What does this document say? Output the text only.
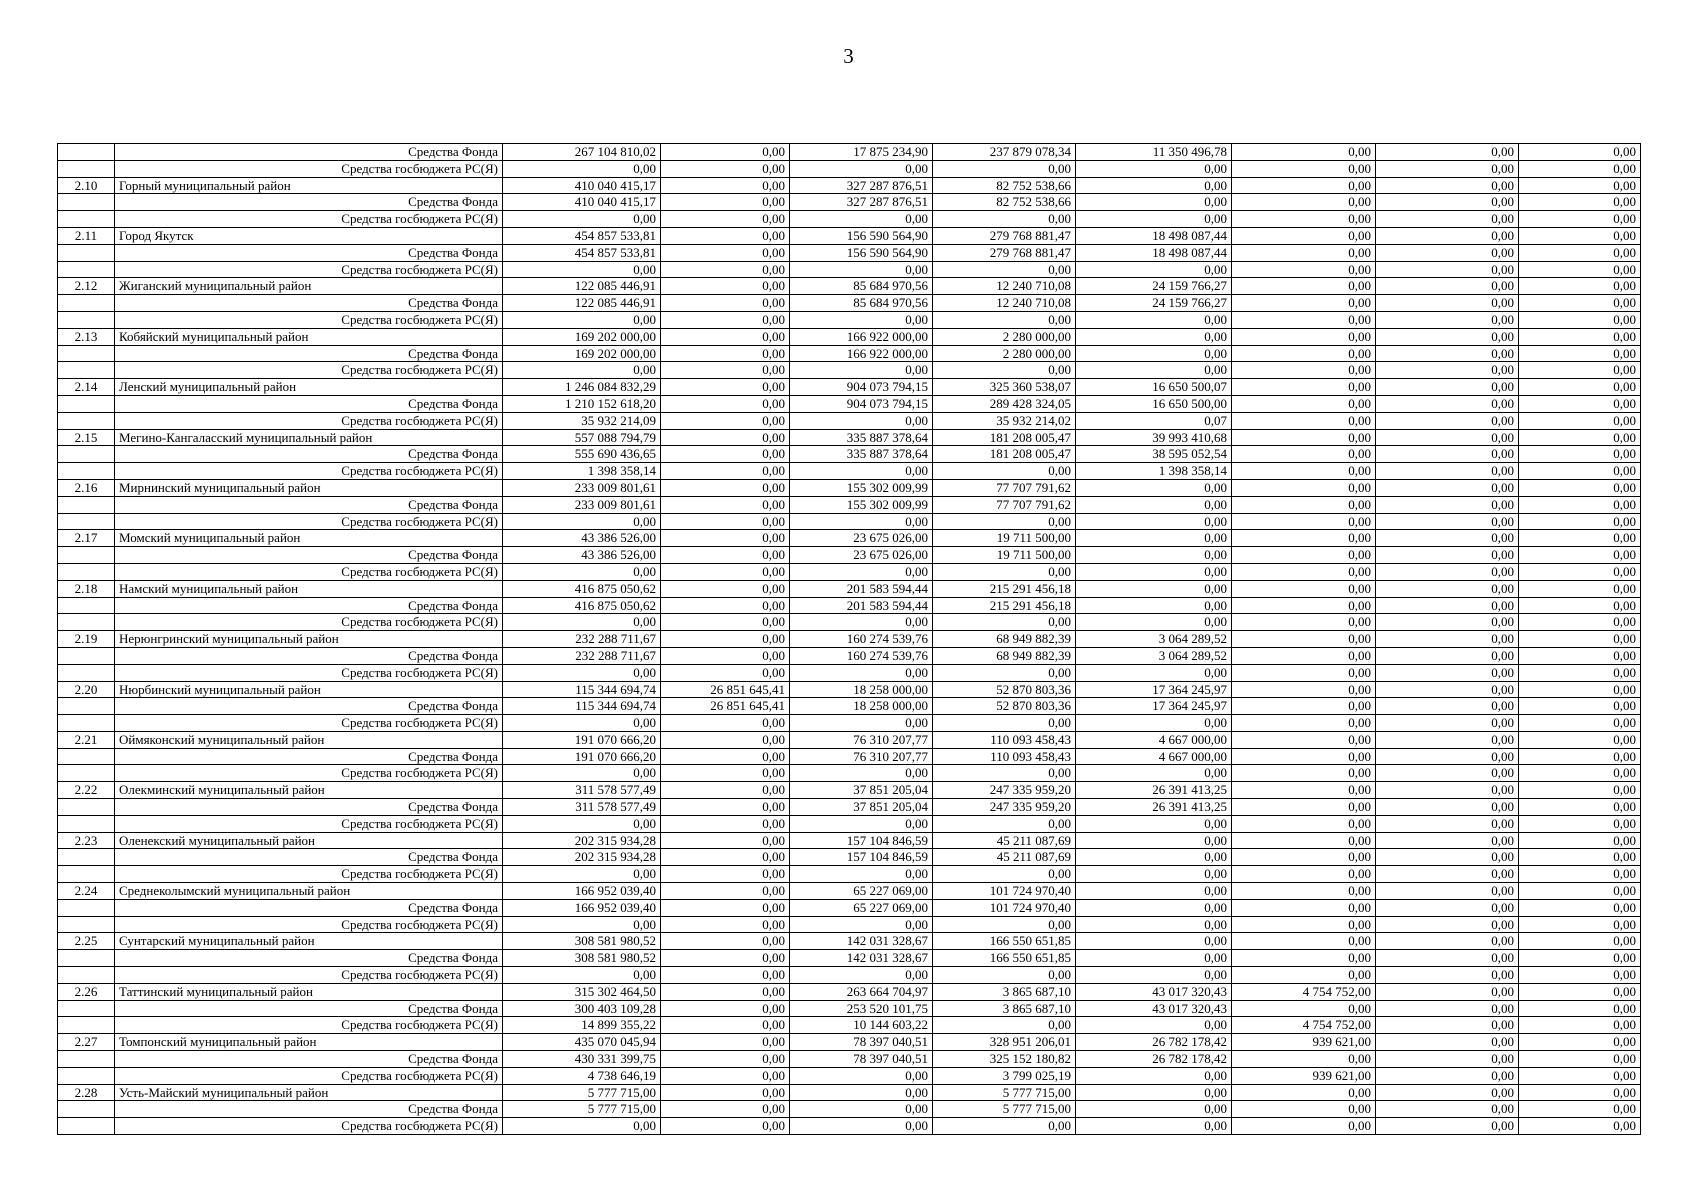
3
	Средства Фонда	267 104 810,02	0,00	17 875 234,90	237 879 078,34	11 350 496,78	0,00	0,00	0,00
	Средства госбюджета РС(Я)	0,00	0,00	0,00	0,00	0,00	0,00	0,00	0,00
2.10	Горный муниципальный район	410 040 415,17	0,00	327 287 876,51	82 752 538,66	0,00	0,00	0,00	0,00
	Средства Фонда	410 040 415,17	0,00	327 287 876,51	82 752 538,66	0,00	0,00	0,00	0,00
	Средства госбюджета РС(Я)	0,00	0,00	0,00	0,00	0,00	0,00	0,00	0,00
2.11	Город Якутск	454 857 533,81	0,00	156 590 564,90	279 768 881,47	18 498 087,44	0,00	0,00	0,00
	Средства Фонда	454 857 533,81	0,00	156 590 564,90	279 768 881,47	18 498 087,44	0,00	0,00	0,00
	Средства госбюджета РС(Я)	0,00	0,00	0,00	0,00	0,00	0,00	0,00	0,00
2.12	Жиганский муниципальный район	122 085 446,91	0,00	85 684 970,56	12 240 710,08	24 159 766,27	0,00	0,00	0,00
	Средства Фонда	122 085 446,91	0,00	85 684 970,56	12 240 710,08	24 159 766,27	0,00	0,00	0,00
	Средства госбюджета РС(Я)	0,00	0,00	0,00	0,00	0,00	0,00	0,00	0,00
2.13	Кобяйский муниципальный район	169 202 000,00	0,00	166 922 000,00	2 280 000,00	0,00	0,00	0,00	0,00
	Средства Фонда	169 202 000,00	0,00	166 922 000,00	2 280 000,00	0,00	0,00	0,00	0,00
	Средства госбюджета РС(Я)	0,00	0,00	0,00	0,00	0,00	0,00	0,00	0,00
2.14	Ленский муниципальный район	1 246 084 832,29	0,00	904 073 794,15	325 360 538,07	16 650 500,07	0,00	0,00	0,00
	Средства Фонда	1 210 152 618,20	0,00	904 073 794,15	289 428 324,05	16 650 500,00	0,00	0,00	0,00
	Средства госбюджета РС(Я)	35 932 214,09	0,00	0,00	35 932 214,02	0,07	0,00	0,00	0,00
2.15	Мегино-Кангаласский муниципальный район	557 088 794,79	0,00	335 887 378,64	181 208 005,47	39 993 410,68	0,00	0,00	0,00
	Средства Фонда	555 690 436,65	0,00	335 887 378,64	181 208 005,47	38 595 052,54	0,00	0,00	0,00
	Средства госбюджета РС(Я)	1 398 358,14	0,00	0,00	0,00	1 398 358,14	0,00	0,00	0,00
2.16	Мирнинский муниципальный район	233 009 801,61	0,00	155 302 009,99	77 707 791,62	0,00	0,00	0,00	0,00
	Средства Фонда	233 009 801,61	0,00	155 302 009,99	77 707 791,62	0,00	0,00	0,00	0,00
	Средства госбюджета РС(Я)	0,00	0,00	0,00	0,00	0,00	0,00	0,00	0,00
2.17	Момский муниципальный район	43 386 526,00	0,00	23 675 026,00	19 711 500,00	0,00	0,00	0,00	0,00
	Средства Фонда	43 386 526,00	0,00	23 675 026,00	19 711 500,00	0,00	0,00	0,00	0,00
	Средства госбюджета РС(Я)	0,00	0,00	0,00	0,00	0,00	0,00	0,00	0,00
2.18	Намский муниципальный район	416 875 050,62	0,00	201 583 594,44	215 291 456,18	0,00	0,00	0,00	0,00
	Средства Фонда	416 875 050,62	0,00	201 583 594,44	215 291 456,18	0,00	0,00	0,00	0,00
	Средства госбюджета РС(Я)	0,00	0,00	0,00	0,00	0,00	0,00	0,00	0,00
2.19	Нерюнгринский муниципальный район	232 288 711,67	0,00	160 274 539,76	68 949 882,39	3 064 289,52	0,00	0,00	0,00
	Средства Фонда	232 288 711,67	0,00	160 274 539,76	68 949 882,39	3 064 289,52	0,00	0,00	0,00
	Средства госбюджета РС(Я)	0,00	0,00	0,00	0,00	0,00	0,00	0,00	0,00
2.20	Нюрбинский муниципальный район	115 344 694,74	26 851 645,41	18 258 000,00	52 870 803,36	17 364 245,97	0,00	0,00	0,00
	Средства Фонда	115 344 694,74	26 851 645,41	18 258 000,00	52 870 803,36	17 364 245,97	0,00	0,00	0,00
	Средства госбюджета РС(Я)	0,00	0,00	0,00	0,00	0,00	0,00	0,00	0,00
2.21	Оймяконский муниципальный район	191 070 666,20	0,00	76 310 207,77	110 093 458,43	4 667 000,00	0,00	0,00	0,00
	Средства Фонда	191 070 666,20	0,00	76 310 207,77	110 093 458,43	4 667 000,00	0,00	0,00	0,00
	Средства госбюджета РС(Я)	0,00	0,00	0,00	0,00	0,00	0,00	0,00	0,00
2.22	Олекминский муниципальный район	311 578 577,49	0,00	37 851 205,04	247 335 959,20	26 391 413,25	0,00	0,00	0,00
	Средства Фонда	311 578 577,49	0,00	37 851 205,04	247 335 959,20	26 391 413,25	0,00	0,00	0,00
	Средства госбюджета РС(Я)	0,00	0,00	0,00	0,00	0,00	0,00	0,00	0,00
2.23	Оленекский муниципальный район	202 315 934,28	0,00	157 104 846,59	45 211 087,69	0,00	0,00	0,00	0,00
	Средства Фонда	202 315 934,28	0,00	157 104 846,59	45 211 087,69	0,00	0,00	0,00	0,00
	Средства госбюджета РС(Я)	0,00	0,00	0,00	0,00	0,00	0,00	0,00	0,00
2.24	Среднеколымский муниципальный район	166 952 039,40	0,00	65 227 069,00	101 724 970,40	0,00	0,00	0,00	0,00
	Средства Фонда	166 952 039,40	0,00	65 227 069,00	101 724 970,40	0,00	0,00	0,00	0,00
	Средства госбюджета РС(Я)	0,00	0,00	0,00	0,00	0,00	0,00	0,00	0,00
2.25	Сунтарский муниципальный район	308 581 980,52	0,00	142 031 328,67	166 550 651,85	0,00	0,00	0,00	0,00
	Средства Фонда	308 581 980,52	0,00	142 031 328,67	166 550 651,85	0,00	0,00	0,00	0,00
	Средства госбюджета РС(Я)	0,00	0,00	0,00	0,00	0,00	0,00	0,00	0,00
2.26	Таттинский муниципальный район	315 302 464,50	0,00	263 664 704,97	3 865 687,10	43 017 320,43	4 754 752,00	0,00	0,00
	Средства Фонда	300 403 109,28	0,00	253 520 101,75	3 865 687,10	43 017 320,43	0,00	0,00	0,00
	Средства госбюджета РС(Я)	14 899 355,22	0,00	10 144 603,22	0,00	0,00	4 754 752,00	0,00	0,00
2.27	Томпонский муниципальный район	435 070 045,94	0,00	78 397 040,51	328 951 206,01	26 782 178,42	939 621,00	0,00	0,00
	Средства Фонда	430 331 399,75	0,00	78 397 040,51	325 152 180,82	26 782 178,42	0,00	0,00	0,00
	Средства госбюджета РС(Я)	4 738 646,19	0,00	0,00	3 799 025,19	0,00	939 621,00	0,00	0,00
2.28	Усть-Майский муниципальный район	5 777 715,00	0,00	0,00	5 777 715,00	0,00	0,00	0,00	0,00
	Средства Фонда	5 777 715,00	0,00	0,00	5 777 715,00	0,00	0,00	0,00	0,00
	Средства госбюджета РС(Я)	0,00	0,00	0,00	0,00	0,00	0,00	0,00	0,00
